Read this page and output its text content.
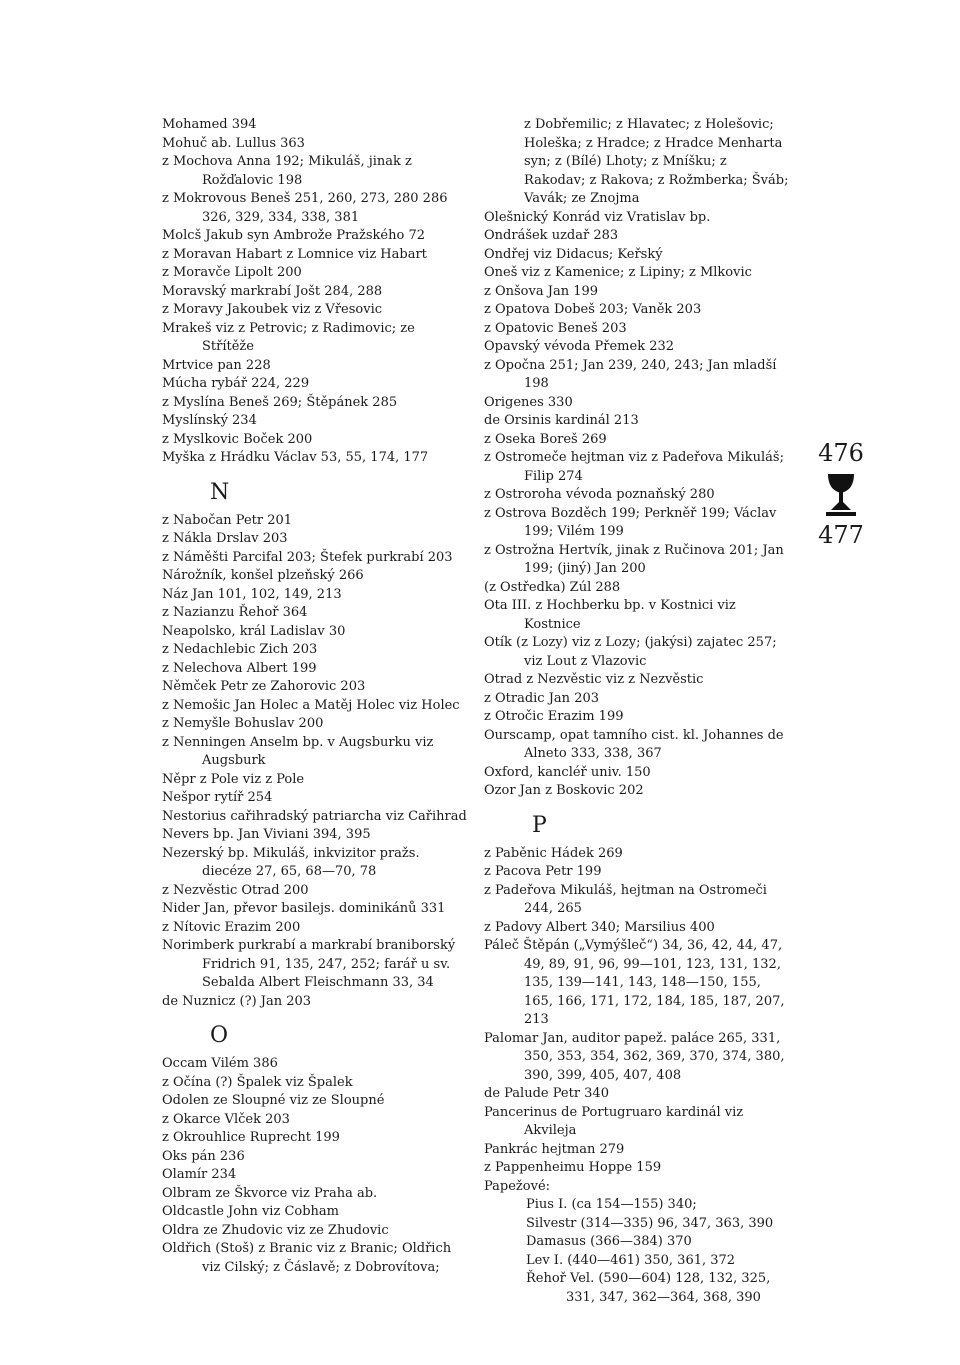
Mohamed 394
Mohuč ab. Lullus 363
z Mochova Anna 192; Mikuláš, jinak z Rožďalovic 198
z Mokrovous Beneš 251, 260, 273, 280 286 326, 329, 334, 338, 381
Molcš Jakub syn Ambrože Pražského 72
z Moravan Habart z Lomnice viz Habart
z Moravče Lipolt 200
Moravský markrabí Jošt 284, 288
z Moravy Jakoubek viz z Vřesovic
Mrakeš viz z Petrovic; z Radimovic; ze Střítěže
Mrtvice pan 228
Múcha rybář 224, 229
z Myslína Beneš 269; Štěpánek 285
Myslínský 234
z Myslkovic Boček 200
Myška z Hrádku Václav 53, 55, 174, 177
N
z Nabočan Petr 201
z Nákla Drslav 203
z Náměšti Parcifal 203; Štefek purkrabí 203
Nárožník, konšel plzeňský 266
Náz Jan 101, 102, 149, 213
z Nazianzu Řehoř 364
Neapolsko, král Ladislav 30
z Nedachlebic Zich 203
z Nelechova Albert 199
Němček Petr ze Zahorovic 203
z Nemošic Jan Holec a Matěj Holec viz Holec
z Nemyšle Bohuslav 200
z Nenningen Anselm bp. v Augsburku viz Augsburk
Něpr z Pole viz z Pole
Nešpor rytíř 254
Nestorius cařihradský patriarcha viz Cařihrad
Nevers bp. Jan Viviani 394, 395
Nezerský bp. Mikuláš, inkvizitor pražs. diecéze 27, 65, 68—70, 78
z Nezvěstic Otrad 200
Nider Jan, převor basilejs. dominikánů 331
z Nítovic Erazim 200
Norimberk purkrabí a markrabí braniborský Fridrich 91, 135, 247, 252; farář u sv. Sebalda Albert Fleischmann 33, 34
de Nuznicz (?) Jan 203
O
Occam Vilém 386
z Očína (?) Špalek viz Špalek
Odolen ze Sloupné viz ze Sloupné
z Okarce Vlček 203
z Okrouhlice Ruprecht 199
Oks pán 236
Olamír 234
Olbram ze Škvorce viz Praha ab.
Oldcastle John viz Cobham
Oldra ze Zhudovic viz ze Zhudovic
Oldřich (Stoš) z Branic viz z Branic; Oldřich viz Cilský; z Čáslavě; z Dobrovítova;
z Dobřemilic; z Hlavatec; z Holešovic; Holeška; z Hradce; z Hradce Menharta syn; z (Bílé) Lhoty; z Mníšku; z Rakodav; z Rakova; z Rožmberka; Šváb; Vavák; ze Znojma
Olešnický Konrád viz Vratislav bp.
Ondrášek uzdař 283
Ondřej viz Didacus; Keřský
Oneš viz z Kamenice; z Lipiny; z Mlkovic
z Onšova Jan 199
z Opatova Dobeš 203; Vaněk 203
z Opatovic Beneš 203
Opavský vévoda Přemek 232
z Opočna 251; Jan 239, 240, 243; Jan mladší 198
Origenes 330
de Orsinis kardinál 213
z Oseka Boreš 269
z Ostromeče hejtman viz z Padeřova Mikuláš; Filip 274
z Ostroroha vévoda poznaňský 280
z Ostrova Bozděch 199; Perkněř 199; Václav 199; Vilém 199
z Ostrožna Hertvík, jinak z Ručinova 201; Jan 199; (jiný) Jan 200
(z Ostředka) Zúl 288
Ota III. z Hochberku bp. v Kostnici viz Kostnice
Otík (z Lozy) viz z Lozy; (jakýsi) zajatec 257; viz Lout z Vlazovic
Otrad z Nezvěstic viz z Nezvěstic
z Otradic Jan 203
z Otročic Erazim 199
Ourscamp, opat tamního cist. kl. Johannes de Alneto 333, 338, 367
Oxford, kancléř univ. 150
Ozor Jan z Boskovic 202
P
z Paběnic Hádek 269
z Pacova Petr 199
z Padeřova Mikuláš, hejtman na Ostromeči 244, 265
z Padovy Albert 340; Marsilius 400
Páleč Štěpán („Vymýšleč“) 34, 36, 42, 44, 47, 49, 89, 91, 96, 99—101, 123, 131, 132, 135, 139—141, 143, 148—150, 155, 165, 166, 171, 172, 184, 185, 187, 207, 213
Palomar Jan, auditor papež. paláce 265, 331, 350, 353, 354, 362, 369, 370, 374, 380, 390, 399, 405, 407, 408
de Palude Petr 340
Pancerinus de Portugruaro kardinál viz Akvileja
Pankrác hejtman 279
z Pappenheimu Hoppe 159
Papežové:
Pius I. (ca 154—155) 340;
Silvestr (314—335) 96, 347, 363, 390
Damasus (366—384) 370
Lev I. (440—461) 350, 361, 372
Řehoř Vel. (590—604) 128, 132, 325, 331, 347, 362—364, 368, 390
476
477
